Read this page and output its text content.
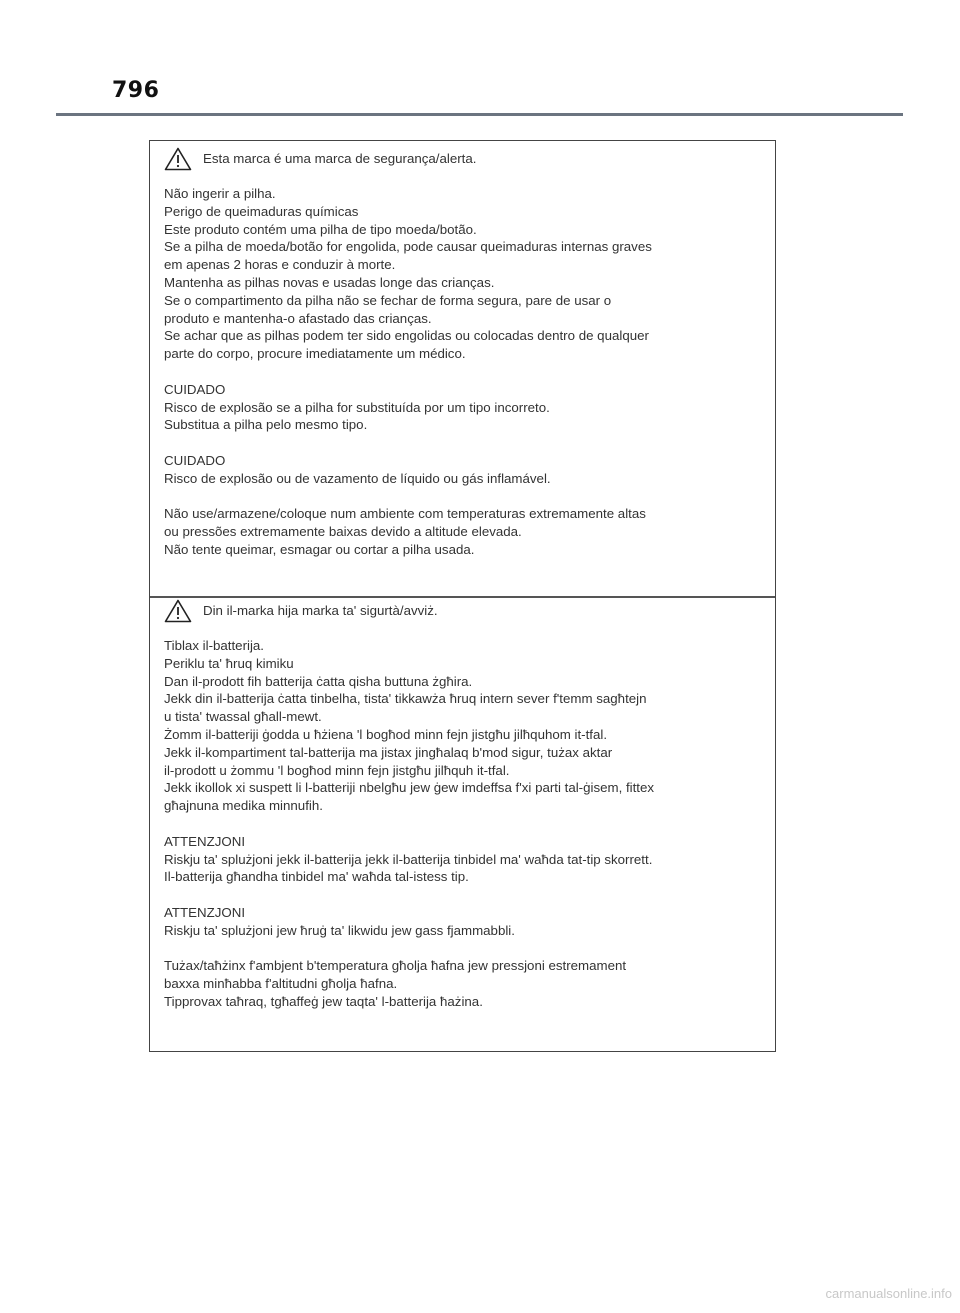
796
Esta marca é uma marca de segurança/alerta.
Não ingerir a pilha.
Perigo de queimaduras químicas
Este produto contém uma pilha de tipo moeda/botão.
Se a pilha de moeda/botão for engolida, pode causar queimaduras internas graves
em apenas 2 horas e conduzir à morte.
Mantenha as pilhas novas e usadas longe das crianças.
Se o compartimento da pilha não se fechar de forma segura, pare de usar o
produto e mantenha-o afastado das crianças.
Se achar que as pilhas podem ter sido engolidas ou colocadas dentro de qualquer
parte do corpo, procure imediatamente um médico.
CUIDADO
Risco de explosão se a pilha for substituída por um tipo incorreto.
Substitua a pilha pelo mesmo tipo.
CUIDADO
Risco de explosão ou de vazamento de líquido ou gás inflamável.
Não use/armazene/coloque num ambiente com temperaturas extremamente altas
ou pressões extremamente baixas devido a altitude elevada.
Não tente queimar, esmagar ou cortar a pilha usada.
Din il-marka hija marka ta' sigurtà/avviż.
Tiblax il-batterija.
Periklu ta' ħruq kimiku
Dan il-prodott fih batterija ċatta qisha buttuna żgħira.
Jekk din il-batterija ċatta tinbelha, tista' tikkawża ħruq intern sever f'temm sagħtejn
u tista' twassal għall-mewt.
Żomm il-batteriji ġodda u ħżiena 'l bogħod minn fejn jistgħu jilħquhom it-tfal.
Jekk il-kompartiment tal-batterija ma jistax jingħalaq b'mod sigur, tużax aktar
il-prodott u żommu 'l bogħod minn fejn jistgħu jilħquh it-tfal.
Jekk ikollok xi suspett li l-batteriji nbelgħu jew ġew imdeffsa f'xi parti tal-ġisem, fittex
għajnuna medika minnufih.
ATTENZJONI
Riskju ta' splużjoni jekk il-batterija jekk il-batterija tinbidel ma' waħda tat-tip skorrett.
Il-batterija għandha tinbidel ma' waħda tal-istess tip.
ATTENZJONI
Riskju ta' splużjoni jew ħruġ ta' likwidu jew gass fjammabbli.
Tużax/taħżinx f'ambjent b'temperatura għolja ħafna jew pressjoni estremament
baxxa minħabba f'altitudni għolja ħafna.
Tipprovax taħraq, tgħaffeġ jew taqta' l-batterija ħażina.
carmanualsonline.info
